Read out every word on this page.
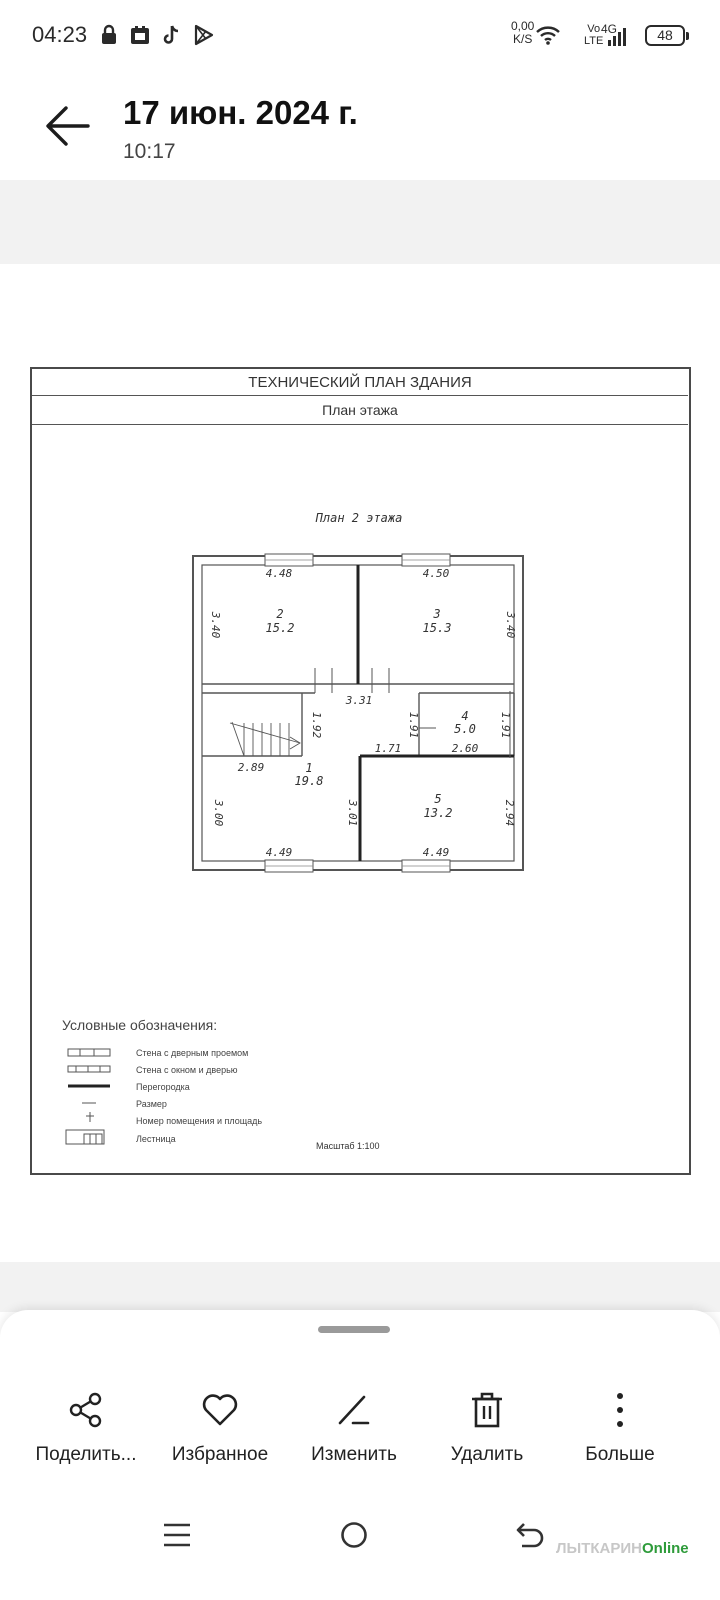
04:23	0,00
K/S
Vo
LTE
4G	48
17 июн. 2024 г.
10:17
ТЕХНИЧЕСКИЙ ПЛАН ЗДАНИЯ
План этажа
План 2 этажа
2
15.2
3
15.3
1
19.8
4
5.0
5
13.2
4.48	4.50
3.40	3.40
3.31
1.92	1.91	1.91
1.71	2.60
2.89
3.00	3.01	2.94
4.49	4.49
Условные обозначения:
Стена с дверным проемом
Стена с окном и дверью
Перегородка
Размер
Номер помещения и площадь
Лестница
Масштаб 1:100
Поделить...	Избранное	Изменить	Удалить	Больше
ЛЫТКАРИНOnline
